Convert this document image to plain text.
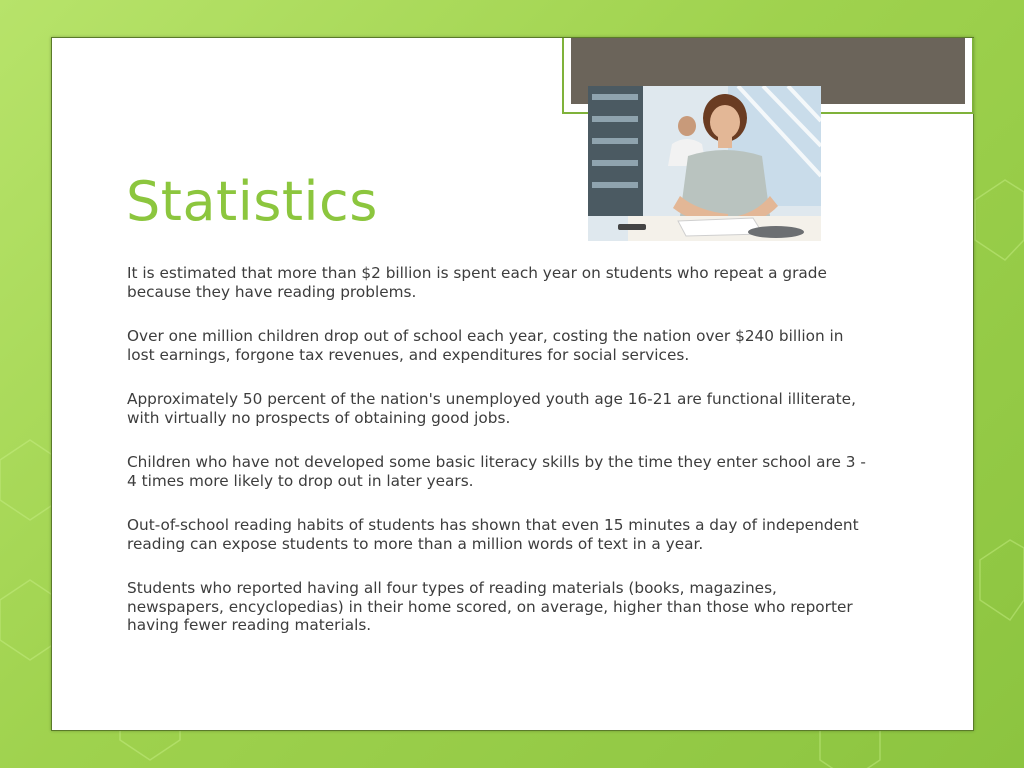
Statistics

It is estimated that more than $2 billion is spent each year on students who repeat a grade because they have reading problems.

Over one million children drop out of school each year, costing the nation over $240 billion in lost earnings, forgone tax revenues, and expenditures for social services.

Approximately 50 percent of the nation's unemployed youth age 16-21 are functional illiterate, with virtually no prospects of obtaining good jobs.

Children who have not developed some basic literacy skills by the time they enter school are 3 - 4 times more likely to drop out in later years.

Out-of-school reading habits of students has shown that even 15 minutes a day of independent reading can expose students to more than a million words of text in a year.

Students who reported having all four types of reading materials (books, magazines, newspapers, encyclopedias) in their home scored, on average, higher than those who reporter having fewer reading materials.
